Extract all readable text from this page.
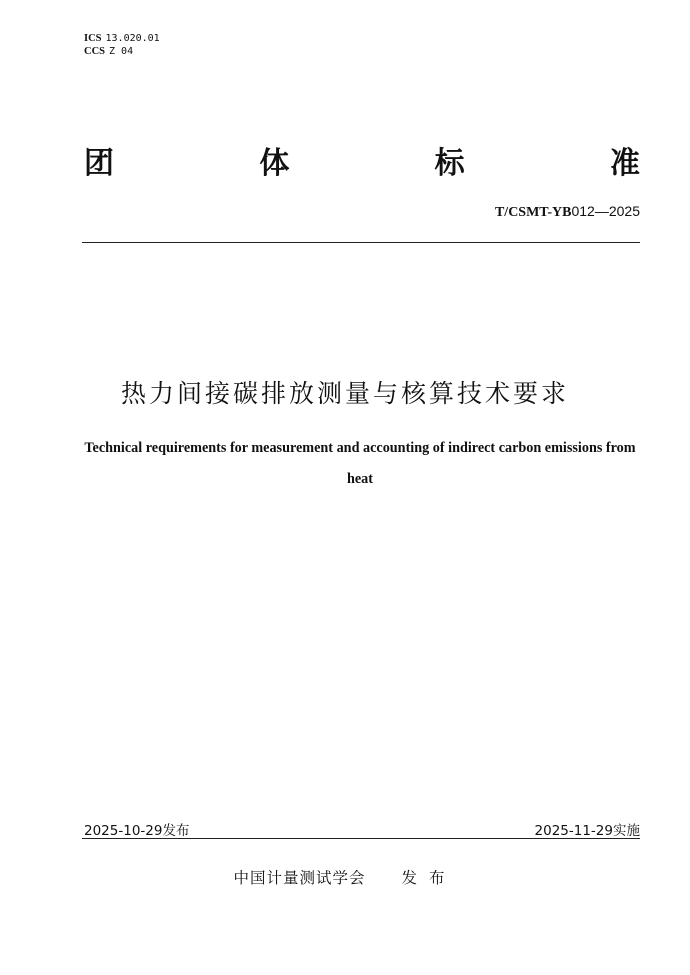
ICS 13.020.01
CCS Z 04
团	体	标	准
T/CSMT-YB012—2025
热力间接碳排放测量与核算技术要求
Technical requirements for measurement and accounting of indirect carbon emissions from heat
2025-10-29发布	2025-11-29实施
中国计量测试学会 发布
